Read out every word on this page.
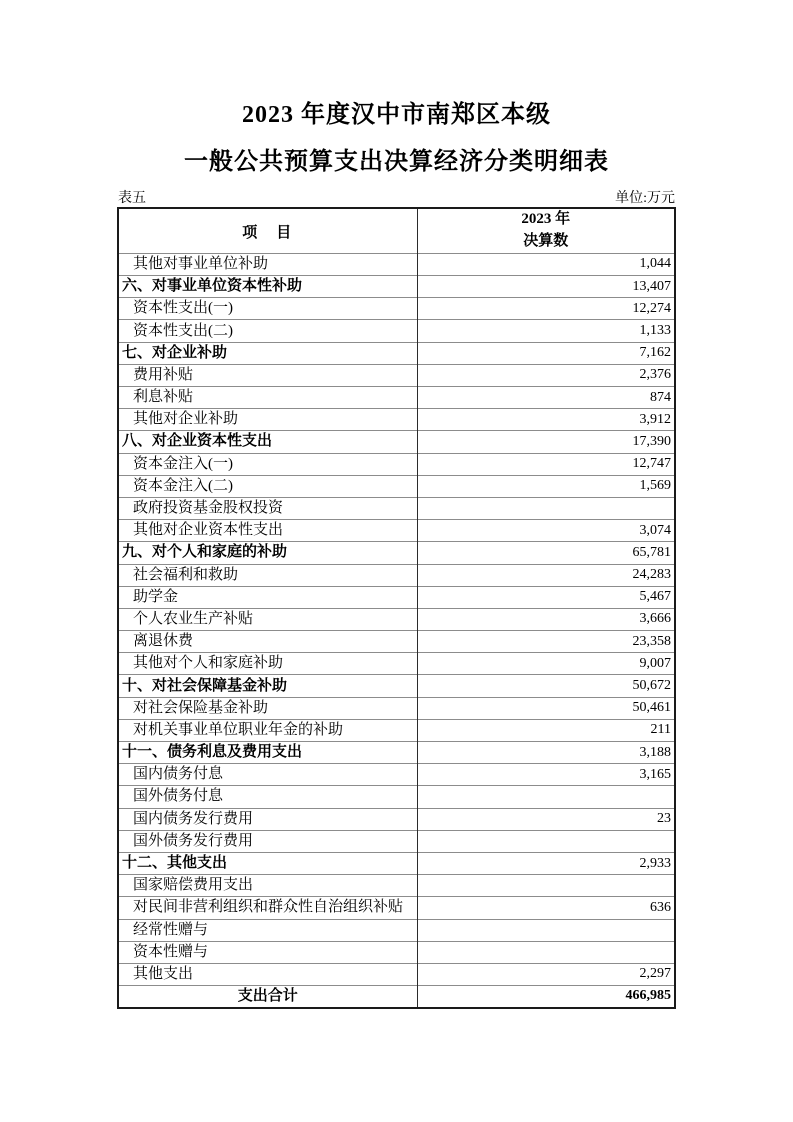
2023 年度汉中市南郑区本级
一般公共预算支出决算经济分类明细表
表五	单位:万元
项　目	2023 年
决算数

其他对事业单位补助	1,044
六、对事业单位资本性补助	13,407
资本性支出(一)	12,274
资本性支出(二)	1,133
七、对企业补助	7,162
费用补贴	2,376
利息补贴	874
其他对企业补助	3,912
八、对企业资本性支出	17,390
资本金注入(一)	12,747
资本金注入(二)	1,569
政府投资基金股权投资	
其他对企业资本性支出	3,074
九、对个人和家庭的补助	65,781
社会福利和救助	24,283
助学金	5,467
个人农业生产补贴	3,666
离退休费	23,358
其他对个人和家庭补助	9,007
十、对社会保障基金补助	50,672
对社会保险基金补助	50,461
对机关事业单位职业年金的补助	211
十一、债务利息及费用支出	3,188
国内债务付息	3,165
国外债务付息	
国内债务发行费用	23
国外债务发行费用	
十二、其他支出	2,933
国家赔偿费用支出	
对民间非营利组织和群众性自治组织补贴	636
经常性赠与	
资本性赠与	
其他支出	2,297
支出合计	466,985
